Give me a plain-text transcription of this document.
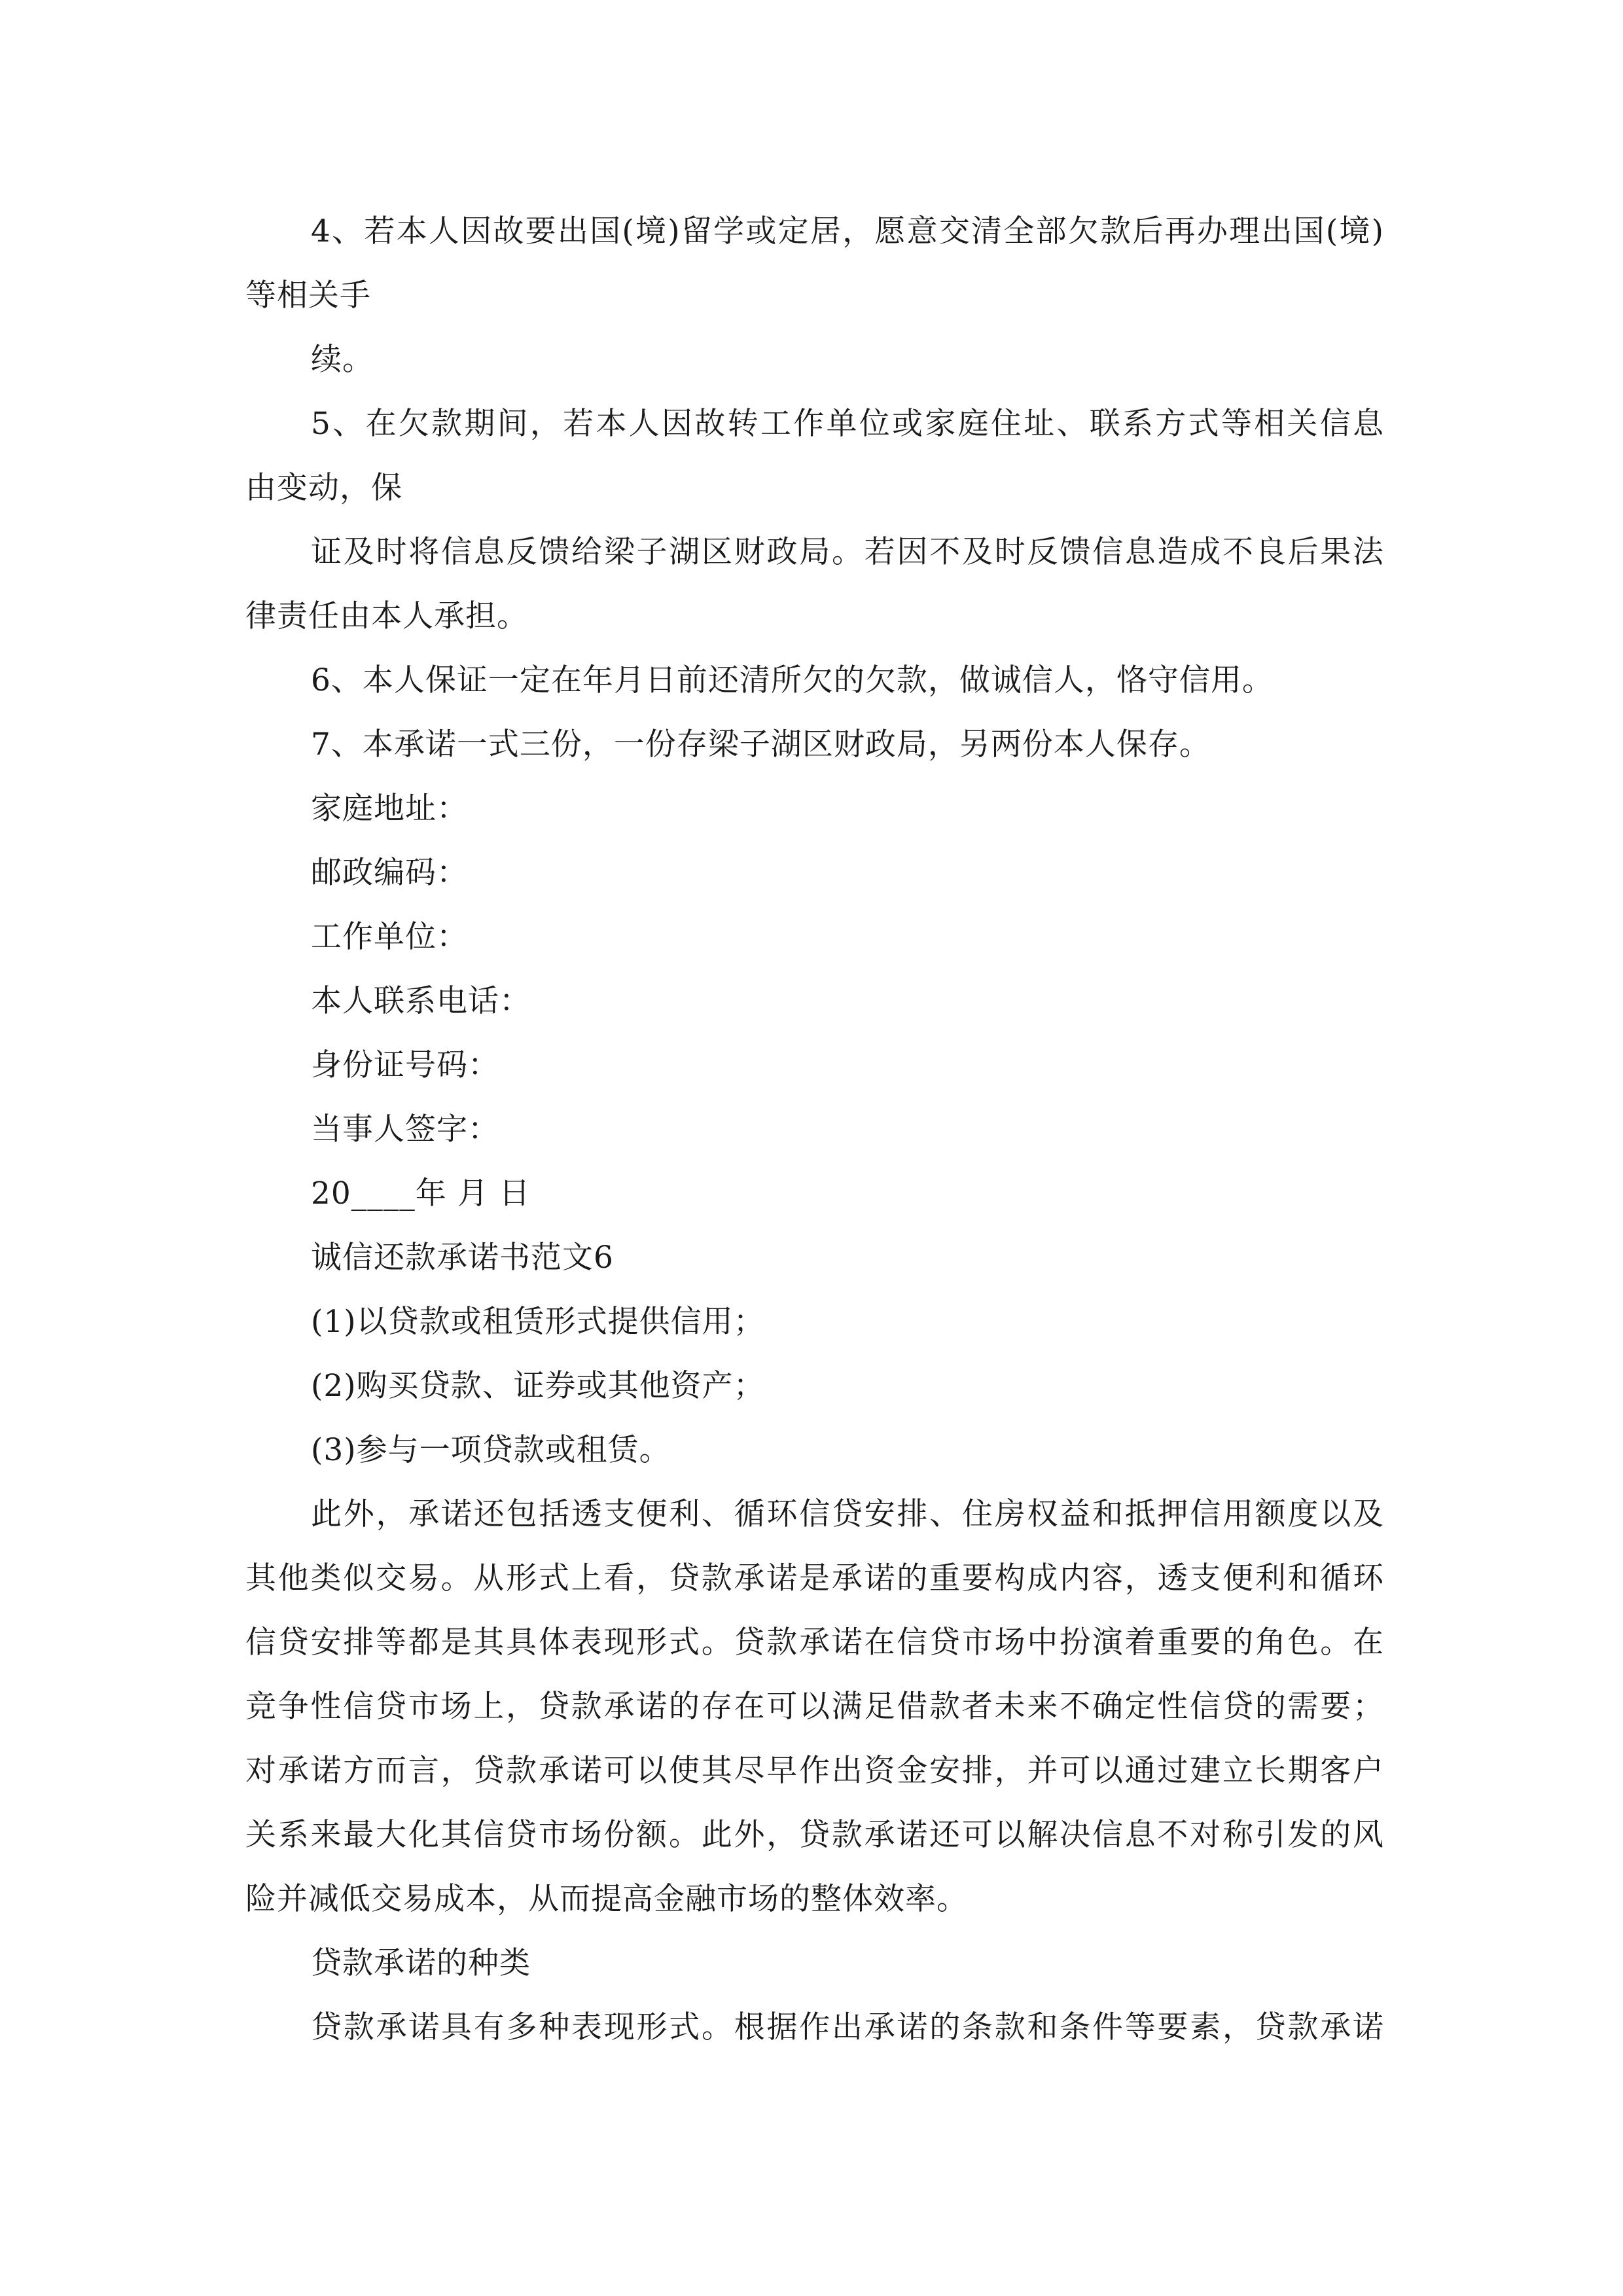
4、若本人因故要出国(境)留学或定居，愿意交清全部欠款后再办理出国(境)
等相关手
续。
5、在欠款期间，若本人因故转工作单位或家庭住址、联系方式等相关信息
由变动，保
证及时将信息反馈给梁子湖区财政局。若因不及时反馈信息造成不良后果法
律责任由本人承担。
6、本人保证一定在年月日前还清所欠的欠款，做诚信人，恪守信用。
7、本承诺一式三份，一份存梁子湖区财政局，另两份本人保存。
家庭地址：
邮政编码：
工作单位：
本人联系电话：
身份证号码：
当事人签字：
20____年 月 日
诚信还款承诺书范文6
(1)以贷款或租赁形式提供信用；
(2)购买贷款、证券或其他资产；
(3)参与一项贷款或租赁。
此外，承诺还包括透支便利、循环信贷安排、住房权益和抵押信用额度以及
其他类似交易。从形式上看，贷款承诺是承诺的重要构成内容，透支便利和循环
信贷安排等都是其具体表现形式。贷款承诺在信贷市场中扮演着重要的角色。在
竞争性信贷市场上，贷款承诺的存在可以满足借款者未来不确定性信贷的需要；
对承诺方而言，贷款承诺可以使其尽早作出资金安排，并可以通过建立长期客户
关系来最大化其信贷市场份额。此外，贷款承诺还可以解决信息不对称引发的风
险并减低交易成本，从而提高金融市场的整体效率。
贷款承诺的种类
贷款承诺具有多种表现形式。根据作出承诺的条款和条件等要素，贷款承诺
